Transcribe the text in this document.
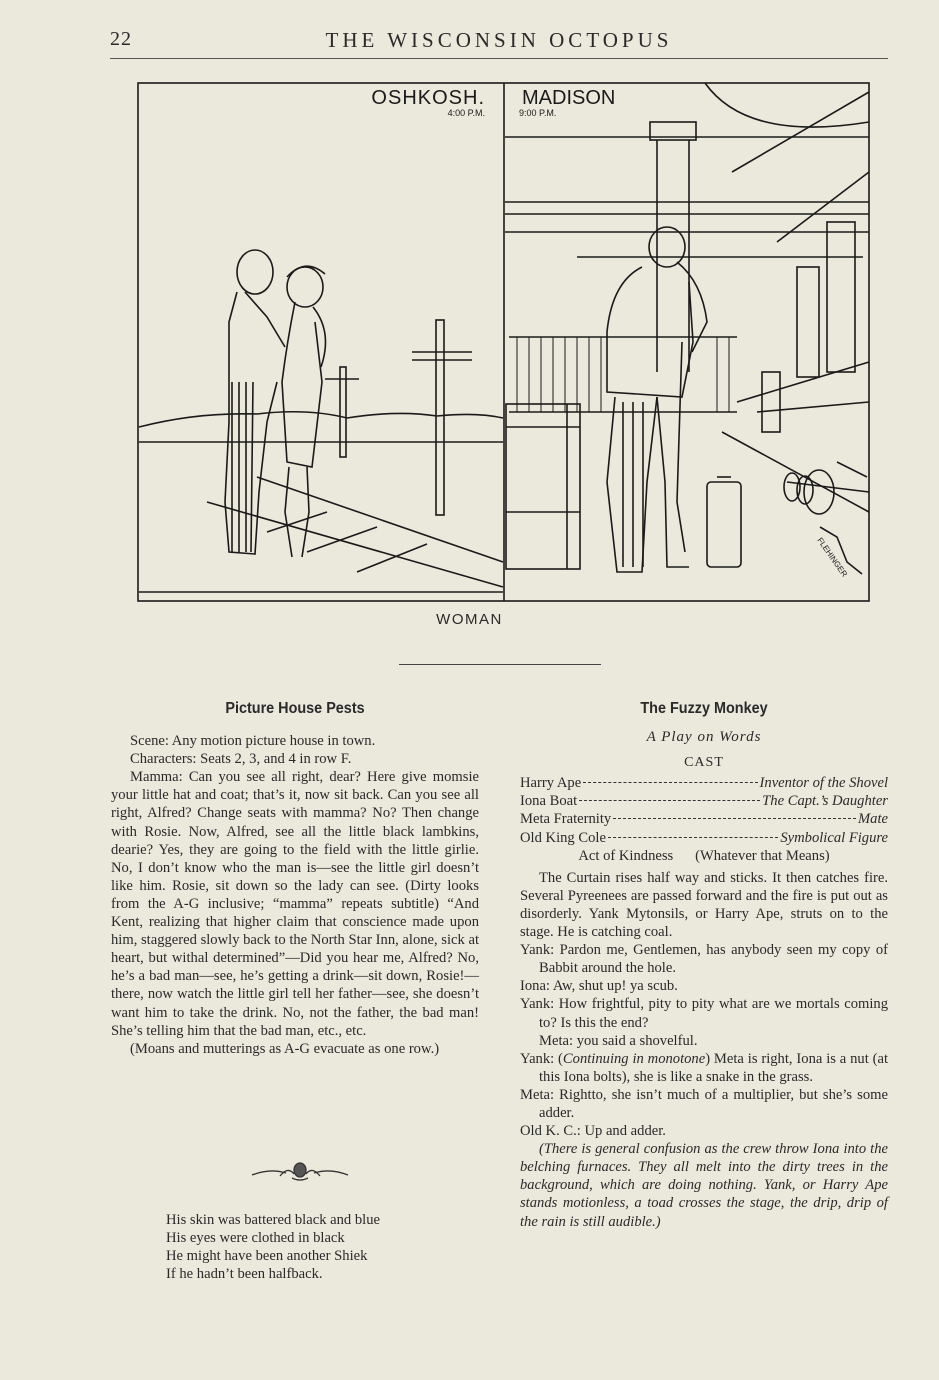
22	THE WISCONSIN OCTOPUS
OSHKOSH.
4:00 P.M.
MADISON
9:00 P.M.
FLEHINGER
WOMAN
Picture House Pests

Scene: Any motion picture house in town.

Characters: Seats 2, 3, and 4 in row F.

Mamma: Can you see all right, dear? Here give momsie your little hat and coat; that’s it, now sit back. Can you see all right, Alfred? Change seats with mamma? No? Then change with Rosie. Now, Alfred, see all the little black lambkins, dearie? Yes, they are going to the field with the little girlie. No, I don’t know who the man is—see the little girl doesn’t like him. Rosie, sit down so the lady can see. (Dirty looks from the A-G inclusive; “mamma” repeats subtitle) “And Kent, realizing that higher claim that conscience made upon him, staggered slowly back to the North Star Inn, alone, sick at heart, but withal determined”—Did you hear me, Alfred? No, he’s a bad man—see, he’s getting a drink—sit down, Rosie!—there, now watch the little girl tell her father—see, she doesn’t want him to take the drink. No, not the father, the bad man! She’s telling him that the bad man, etc., etc.

(Moans and mutterings as A-G evacuate as one row.)

His skin was battered black and blue

His eyes were clothed in black

He might have been another Shiek

If he hadn’t been halfback.

The Fuzzy Monkey
A Play on Words
CAST
Harry Ape	Inventor of the Shovel
Iona Boat	The Capt.’s Daughter
Meta Fraternity	Mate
Old King Cole	Symbolical Figure
Act of Kindness      (Whatever that Means)

The Curtain rises half way and sticks. It then catches fire. Several Pyreenees are passed forward and the fire is put out as disorderly. Yank Mytonsils, or Harry Ape, struts on to the stage. He is catching coal.

Yank: Pardon me, Gentlemen, has anybody seen my copy of Babbit around the hole.

Iona: Aw, shut up! ya scub.

Yank: How frightful, pity to pity what are we mortals coming to? Is this the end?

Meta: you said a shovelful.

Yank: (Continuing in monotone) Meta is right, Iona is a nut (at this Iona bolts), she is like a snake in the grass.

Meta: Rightto, she isn’t much of a multiplier, but she’s some adder.

Old K. C.: Up and adder.

(There is general confusion as the crew throw Iona into the belching furnaces. They all melt into the dirty trees in the background, which are doing nothing. Yank, or Harry Ape stands motionless, a toad crosses the stage, the drip, drip of the rain is still audible.)
